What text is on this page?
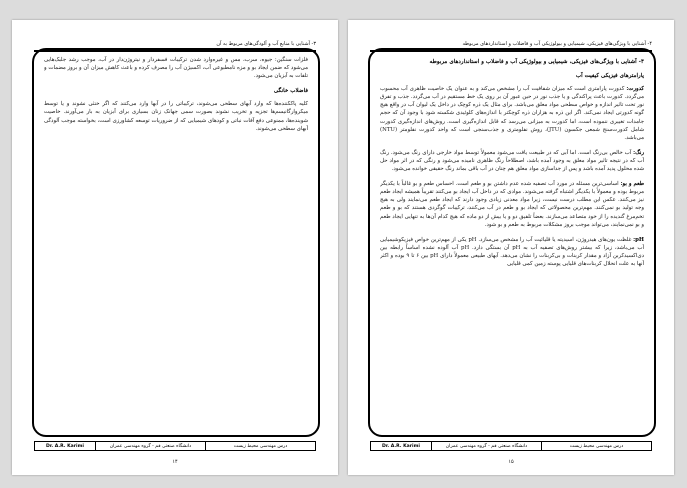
۳- آشنایی با منابع آب و آلودگی‌های مربوط به آن

فلزات سنگین: جیوه، سرب، مس و غیره‌وارد شدن ترکیبات فسفردار و نیتروژن‌دار در آب، موجب رشد جلبک‌هایی می‌شود که ضمن ایجاد بو و مزه نامطبوعی آب، اکسیژن آب را مصرف کرده و باعث کاهش میزان آن و بروز مضمات و تلفات به آبزیان می‌شود.

فاضلاب خانگی

کلیه پاککننده‌ها که وارد آبهای سطحی می‌شوند، ترکیباتی را در آبها وارد می‌کنند که اگر خنثی نشوند و یا توسط میکروارگانیسم‌ها تجزیه و تخریب نشوند بصورت سمی جهانک زنان بسیاری برای آبزیان به بار می‌آورند. خاصیت شوینده‌ها، ممنوعی دفع آفات نباتی و کودهای شیمیایی که از ضروریات توسعه کشاورزی است، بخواسته موجب آلودگی آبهای سطحی می‌شوند.

Dr. A.R. Karimi	دانشگاه صنعتی قم - گروه مهندسی عمران	درس مهندسی محیط زیست
۱۴
۴- آشنایی با ویژگی‌های فیزیکی، شیمیایی و بیولوژیکی آب و فاضلاب و استانداردهای مربوطه
۴- آشنایی با ویژگی‌های فیزیکی، شیمیایی و بیولوژیکی آب و فاضلاب و استانداردهای مربوطه
پارامترهای فیزیکی کیفیت آب

کدورت: کدورت پارامتری است که میزان شفافیت آب را مشخص می‌کند و به عنوان یک خاصیت ظاهری آب محسوب می‌گردد. کدورت باعث پراکندگی و یا جذب نور در حین عبور آن بر روی یک خط مستقیم در آب می‌گردد. جذب و تفرق نور تحت تاثیر اندازه و خواص سطحی مواد معلق می‌باشد. برای مثال یک ذره کوچک در داخل یک لیوان آب در واقع هیچ گونه کدورتی ایجاد نمی‌کند. اگر این ذره به هزاران ذره کوچکتر با اندازه‌های کلوئیدی شکسته شود با وجود آن که حجم جامدات تغییری ننموده است، اما کدورت به میزانی می‌رسد که قابل اندازه‌گیری است. روش‌های اندازه‌گیری کدورت شامل کدورت‌سنج شمعی جکسون (JTU)، روش نفلومتری و جذب‌سنجی است که واحد کدورت نفلومتر (NTU) می‌باشد.

رنگ: آب خالص بی‌رنگ است. اما آبی که در طبیعت یافت می‌شود معمولاً توسط مواد خارجی دارای رنگ می‌شود. رنگ آب که در نتیجه تاثیر مواد معلق به وجود آمده باشد، اصطلاحاً رنگ ظاهری نامیده می‌شود و رنگی که در اثر مواد حل شده محلول پدید آمده باشد و پس از جداسازی مواد معلق هم چنان در آب باقی بماند رنگ حقیقی خوانده می‌شود.

طعم و بو: اساسی‌ترین مسئله در مورد آب تصفیه شده عدم داشتن بو و طعم است. احساس طعم و بو غالباً با یکدیگر مربوط بوده و معمولاً با یکدیگر اشتباه گرفته می‌شوند. موادی که در داخل آب ایجاد بو می‌کنند تقریباً همیشه ایجاد طعم نیز می‌کنند. عکس این مطلب درست نیست، زیرا مواد معدنی زیادی وجود دارند که ایجاد طعم می‌نمایند ولی به هیچ وجه تولید بو نمی‌کنند. مهم‌ترین محصولاتی که ایجاد بو و طعم در آب می‌کنند، ترکیبات گوگردی هستند که بو و طعم تخم‌مرغ گندیده را از خود متصاعد می‌سازند. بعضاً تلفیق دو و یا بیش از دو ماده که هیچ کدام آن‌ها به تنهایی ایجاد طعم و بو نمی‌نمایند، می‌تواند موجب بروز مشکلات مربوط به طعم و بو شود.

pH: غلظت یون‌های هیدروژن، اسیدیته یا قلیائیت آب را مشخص می‌سازد. pH یکی از مهم‌ترین خواص فیزیکوشیمیایی آب می‌باشد، زیرا که بیشتر روش‌های تصفیه آب به pH آن بستگی دارد. pH آب آلوده نشده اساساً رابطه بین دی‌اکسیدکربن آزاد و مقدار کربنات و بی‌کربنات را نشان می‌دهد. آبهای طبیعی معمولاً دارای pH بین ۶ تا ۹ بوده و اکثر آنها به علت انحلال کربنات‌های قلیایی پوسته زمین کمی قلیایی

Dr. A.R. Karimi	دانشگاه صنعتی قم - گروه مهندسی عمران	درس مهندسی محیط زیست
۱۵
